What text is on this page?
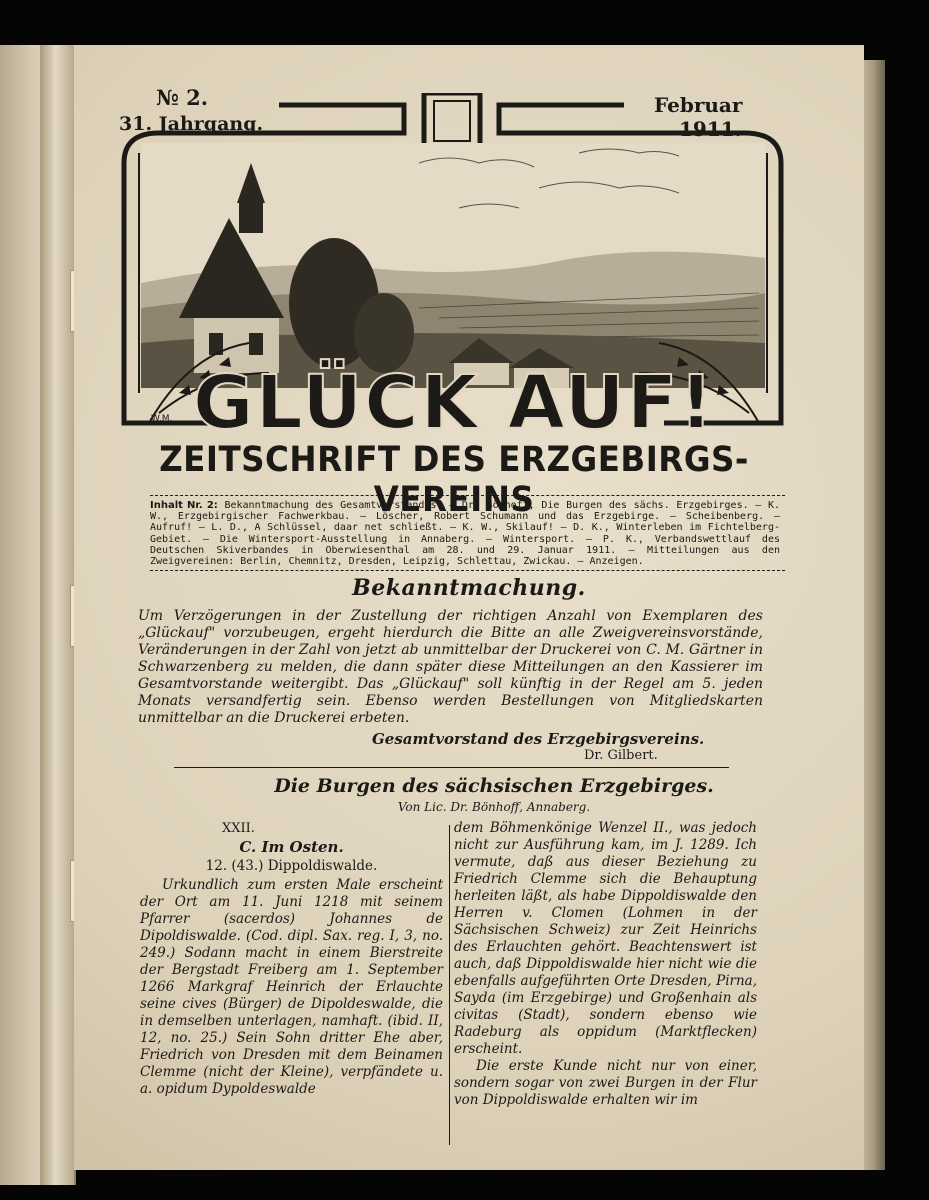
№ 2.
31. Jahrgang.
Februar
1911.
W.M. GLÜCK AUF!
ZEITSCHRIFT DES ERZGEBIRGS-VEREINS
Inhalt Nr. 2: Bekanntmachung des Gesamtvorstandes. – Dr. Bönhoff, Die Burgen des sächs. Erzgebirges. – K. W., Erzgebirgischer Fachwerkbau. – Löscher, Robert Schumann und das Erzgebirge. – Scheibenberg. – Aufruf! – L. D., A Schlüssel, daar net schließt. – K. W., Skilauf! – D. K., Winterleben im Fichtelberg-Gebiet. – Die Wintersport-Ausstellung in Annaberg. – Wintersport. – P. K., Verbandswettlauf des Deutschen Skiverbandes in Oberwiesenthal am 28. und 29. Januar 1911. – Mitteilungen aus den Zweigvereinen: Berlin, Chemnitz, Dresden, Leipzig, Schlettau, Zwickau. – Anzeigen.
Bekanntmachung.
Um Verzögerungen in der Zustellung der richtigen Anzahl von Exemplaren des „Glückauf" vorzubeugen, ergeht hierdurch die Bitte an alle Zweigvereinsvorstände, Veränderungen in der Zahl von jetzt ab unmittelbar der Druckerei von C. M. Gärtner in Schwarzenberg zu melden, die dann später diese Mitteilungen an den Kassierer im Gesamtvorstande weitergibt. Das „Glückauf" soll künftig in der Regel am 5. jeden Monats versandfertig sein. Ebenso werden Bestellungen von Mitgliedskarten unmittelbar an die Druckerei erbeten.
Gesamtvorstand des Erzgebirgsvereins.
Dr. Gilbert.
Die Burgen des sächsischen Erzgebirges.
Von Lic. Dr. Bönhoff, Annaberg.
XXII.
C. Im Osten.
12. (43.) Dippoldiswalde.

Urkundlich zum ersten Male erscheint der Ort am 11. Juni 1218 mit seinem Pfarrer (sacerdos) Johannes de Dipoldiswalde. (Cod. dipl. Sax. reg. I, 3, no. 249.) Sodann macht in einem Bierstreite der Bergstadt Freiberg am 1. September 1266 Markgraf Heinrich der Erlauchte seine cives (Bürger) de Dipoldeswalde, die in demselben unterlagen, namhaft. (ibid. II, 12, no. 25.) Sein Sohn dritter Ehe aber, Friedrich von Dresden mit dem Beinamen Clemme (nicht der Kleine), verpfändete u. a. opidum Dypoldeswalde

dem Böhmenkönige Wenzel II., was jedoch nicht zur Ausführung kam, im J. 1289. Ich vermute, daß aus dieser Beziehung zu Friedrich Clemme sich die Behauptung herleiten läßt, als habe Dippoldiswalde den Herren v. Clomen (Lohmen in der Sächsischen Schweiz) zur Zeit Heinrichs des Erlauchten gehört. Beachtenswert ist auch, daß Dippoldiswalde hier nicht wie die ebenfalls aufgeführten Orte Dresden, Pirna, Sayda (im Erzgebirge) und Großenhain als civitas (Stadt), sondern ebenso wie Radeburg als oppidum (Marktflecken) erscheint.

Die erste Kunde nicht nur von einer, sondern sogar von zwei Burgen in der Flur von Dippoldiswalde erhalten wir im
